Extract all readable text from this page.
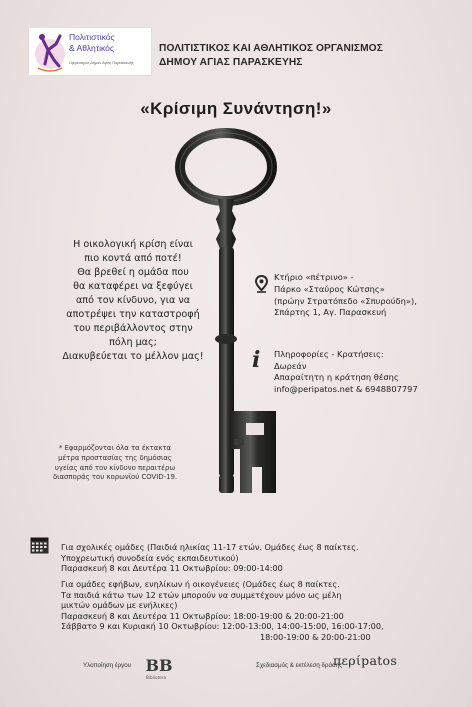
Πολιτιστικός
& Αθλητικός
Οργανισμός Δήμου Αγίας Παρασκευής
ΠΟΛΙΤΙΣΤΙΚΟΣ ΚΑΙ ΑΘΛΗΤΙΚΟΣ ΟΡΓΑΝΙΣΜΟΣ
ΔΗΜΟΥ ΑΓΙΑΣ ΠΑΡΑΣΚΕΥΗΣ
«Κρίσιμη Συνάντηση!»
Η οικολογική κρίση είναι
πιο κοντά από ποτέ!
Θα βρεθεί η ομάδα που
θα καταφέρει να ξεφύγει
από τον κίνδυνο, για να
αποτρέψει την καταστροφή
του περιβάλλοντος στην
πόλη μας;
Διακυβεύεται το μέλλον μας!
Κτήριο «πέτρινο» -
Πάρκο «Σταύρος Κώτσης»
(πρώην Στρατόπεδο «Σπυρούδη»),
Σπάρτης 1, Αγ. Παρασκευή
i Πληροφορίες - Κρατήσεις:
Δωρεάν
Απαραίτητη η κράτηση θέσης
info@peripatos.net & 6948807797
* Εφαρμόζονται όλα τα έκτακτα
μέτρα προστασίας της δημόσιας
υγείας από τον κίνδυνο περαιτέρω
διασποράς του κορωνϊού COVID-19.
Για σχολικές ομάδες (Παιδιά ηλικίας 11-17 ετών. Ομάδες έως 8 παίκτες.
Υποχρεωτική συνοδεία ενός εκπαιδευτικού)
Παρασκευή 8 και Δευτέρα 11 Οκτωβρίου: 09:00-14:00
Για ομάδες εφήβων, ενηλίκων ή οικογένειες (Ομάδες έως 8 παίκτες.
Τα παιδιά κάτω των 12 ετών μπορούν να συμμετέχουν μόνο ως μέλη
μικτών ομάδων με ενήλικες)
Παρασκευή 8 και Δευτέρα 11 Οκτωβρίου: 18:00-19:00 & 20:00-21:00
Σάββατο 9 και Κυριακή 10 Οκτωβρίου: 12:00-13:00, 14:00-15:00, 16:00-17:00,
18:00-19:00 & 20:00-21:00
Υλοποίηση έργου BB
Bibliotera
Σχεδιασμός & εκτέλεση δράσης
περίpatos
